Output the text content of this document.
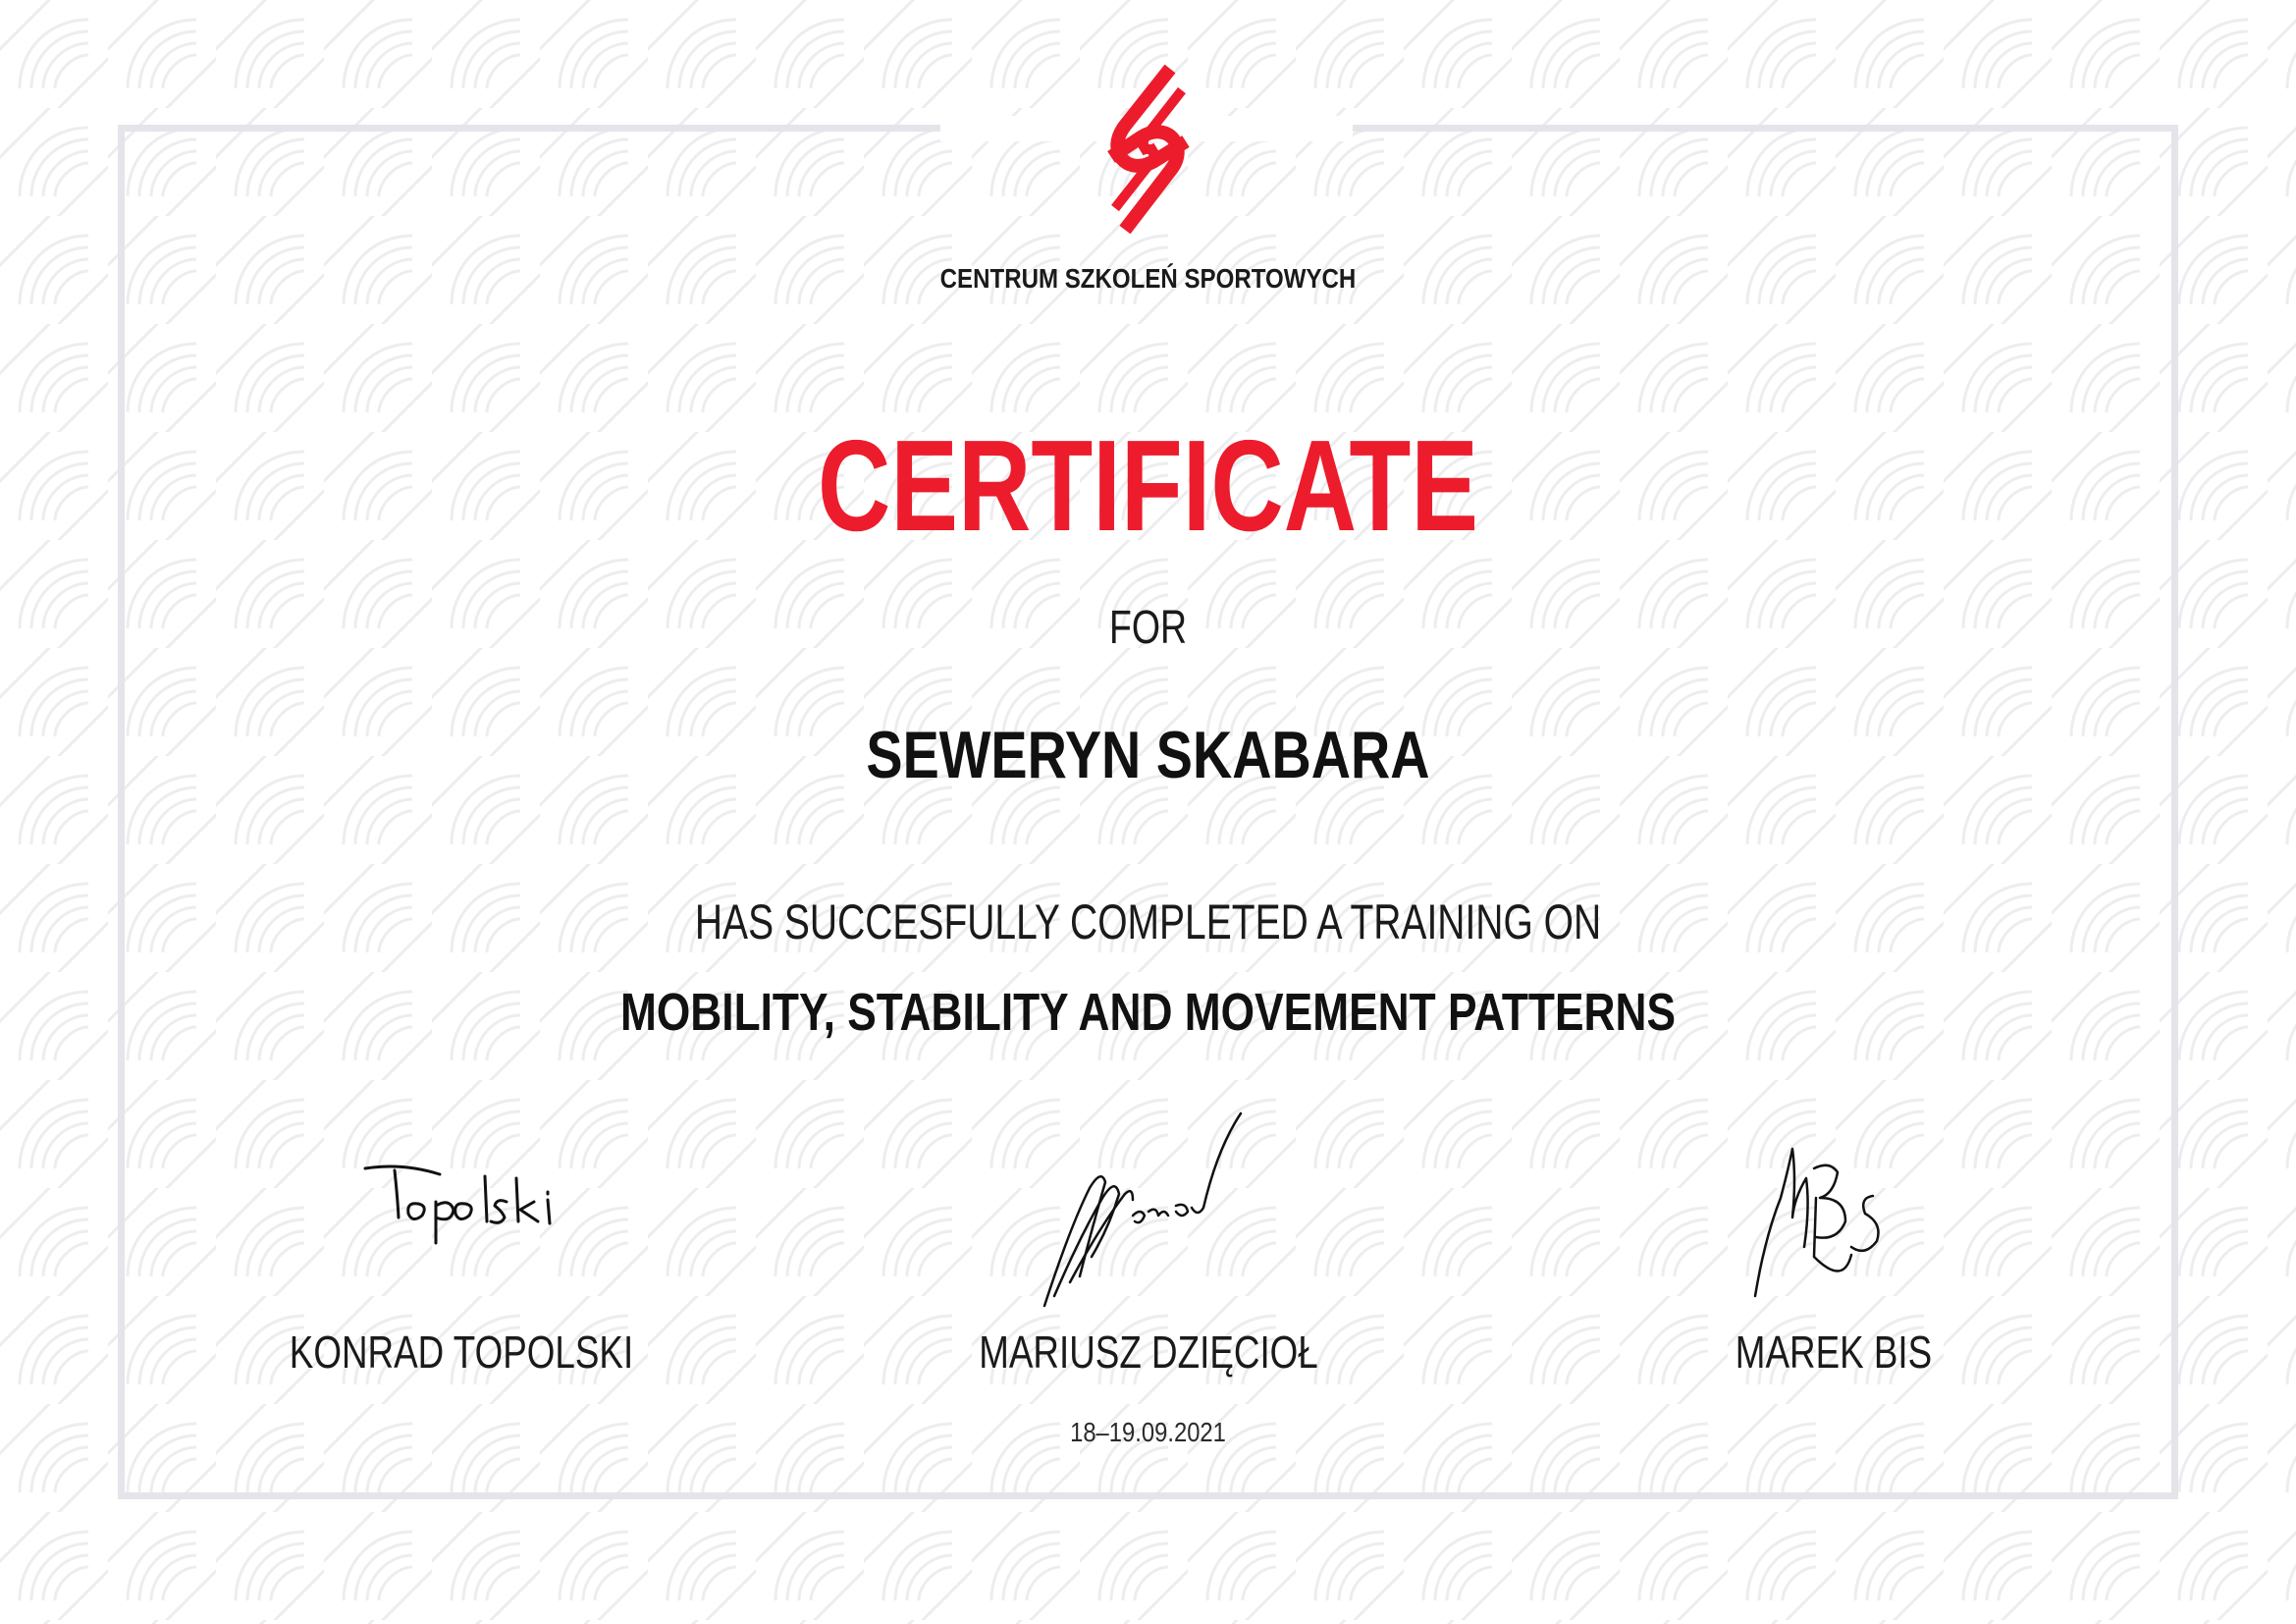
CENTRUM SZKOLEŃ SPORTOWYCH
CERTIFICATE
FOR
SEWERYN SKABARA
HAS SUCCESFULLY COMPLETED A TRAINING ON
MOBILITY, STABILITY AND MOVEMENT PATTERNS
KONRAD TOPOLSKI	MARIUSZ DZIĘCIOŁ	MAREK BIS
18–19.09.2021
